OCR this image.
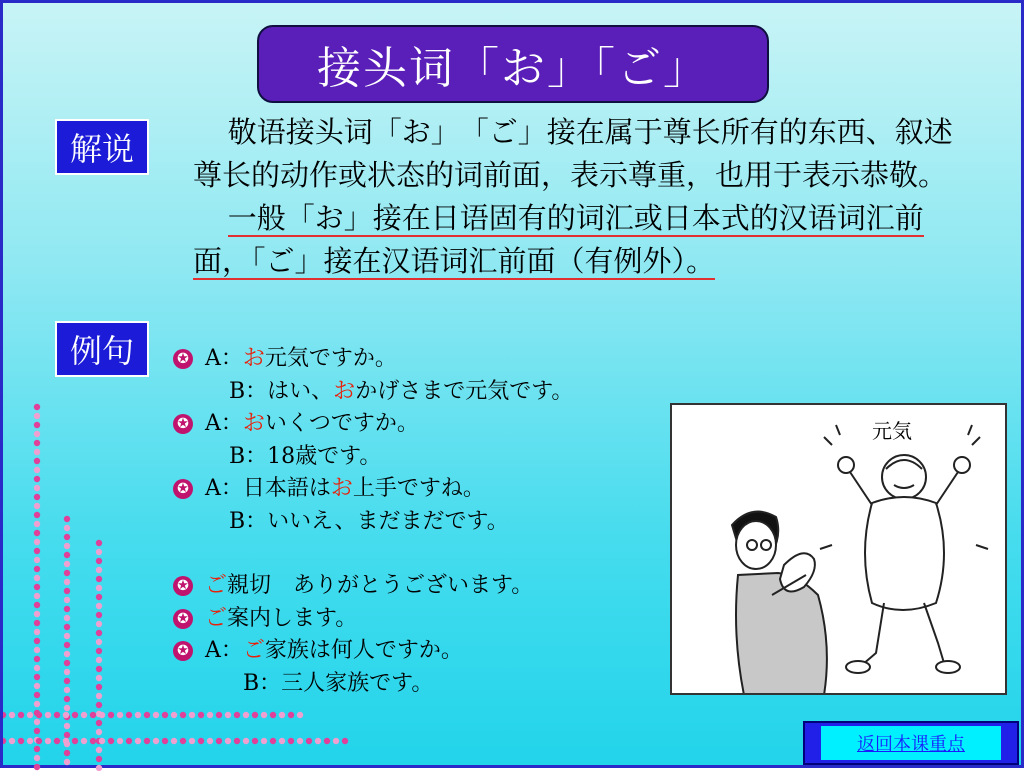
接头词「お」「ご」
解说
例句

敬语接头词「お」　「ご」接在属于尊长所有的东西、叙述尊长的动作或状态的词前面，表示尊重，也用于表示恭敬。

一般「お」接在日语固有的词汇或日本式的汉语词汇前面，「ご」接在汉语词汇前面（有例外）。

✪ A： お 元気ですか。
B：はい、 お かげさまで元気です。
✪ A： お いくつですか。
B：18歳です。
✪ A：日本語は お 上手ですね。
B：いいえ、まだまだです。
✪ ご 親切　ありがとうございます。
✪ ご 案内します。
✪ A： ご 家族は何人ですか。
B：三人家族です。
元気
返回本课重点
